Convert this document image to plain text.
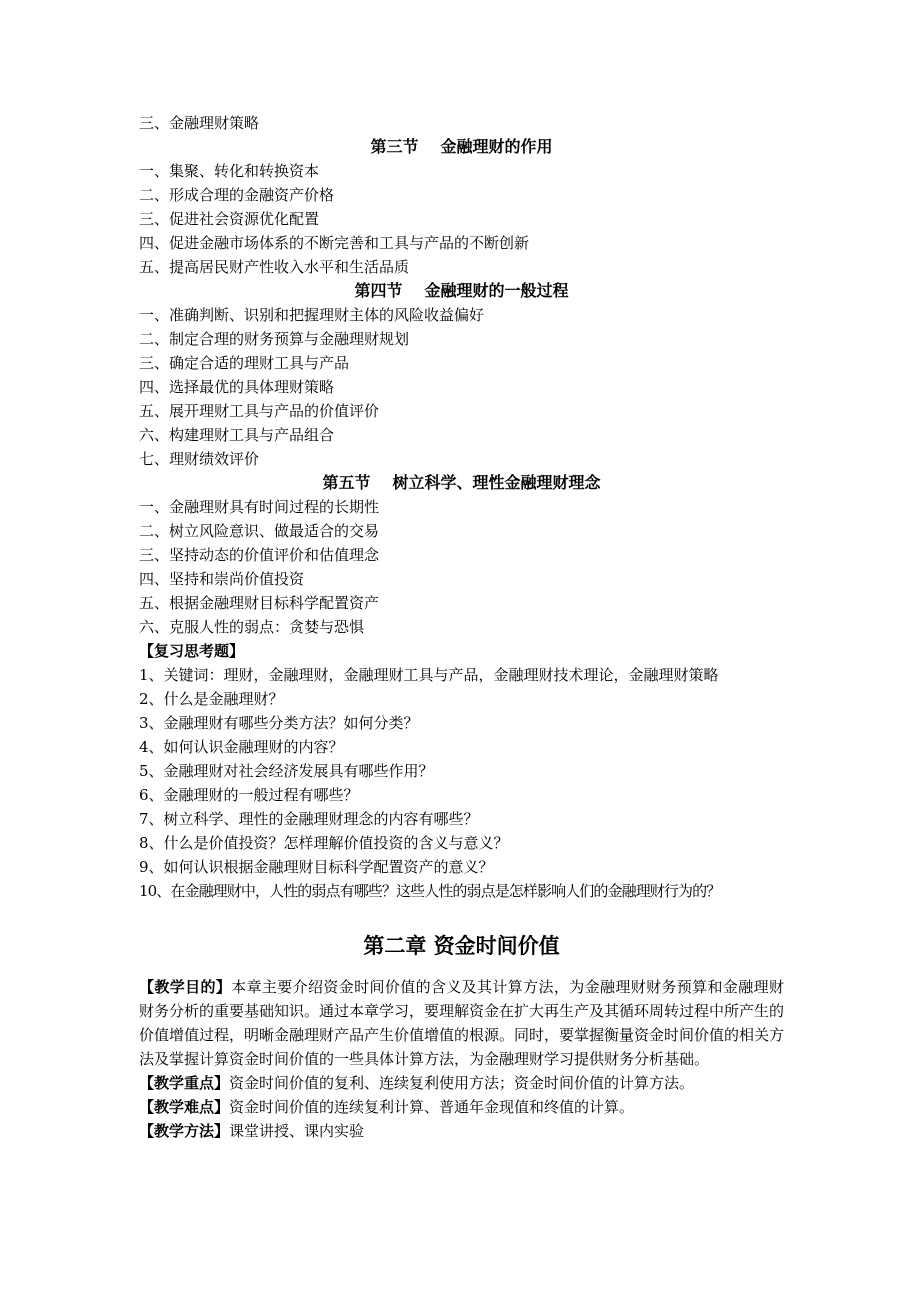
三、金融理财策略
第三节 金融理财的作用
一、集聚、转化和转换资本
二、形成合理的金融资产价格
三、促进社会资源优化配置
四、促进金融市场体系的不断完善和工具与产品的不断创新
五、提高居民财产性收入水平和生活品质
第四节 金融理财的一般过程
一、准确判断、识别和把握理财主体的风险收益偏好
二、制定合理的财务预算与金融理财规划
三、确定合适的理财工具与产品
四、选择最优的具体理财策略
五、展开理财工具与产品的价值评价
六、构建理财工具与产品组合
七、理财绩效评价
第五节 树立科学、理性金融理财理念
一、金融理财具有时间过程的长期性
二、树立风险意识、做最适合的交易
三、坚持动态的价值评价和估值理念
四、坚持和崇尚价值投资
五、根据金融理财目标科学配置资产
六、克服人性的弱点：贪婪与恐惧
【复习思考题】
1、关键词：理财，金融理财，金融理财工具与产品，金融理财技术理论，金融理财策略
2、什么是金融理财？
3、金融理财有哪些分类方法？如何分类？
4、如何认识金融理财的内容？
5、金融理财对社会经济发展具有哪些作用？
6、金融理财的一般过程有哪些？
7、树立科学、理性的金融理财理念的内容有哪些？
8、什么是价值投资？怎样理解价值投资的含义与意义？
9、如何认识根据金融理财目标科学配置资产的意义？
10、在金融理财中，人性的弱点有哪些？这些人性的弱点是怎样影响人们的金融理财行为的？
第二章 资金时间价值
【教学目的】本章主要介绍资金时间价值的含义及其计算方法，为金融理财财务预算和金融理财财务分析的重要基础知识。通过本章学习，要理解资金在扩大再生产及其循环周转过程中所产生的价值增值过程，明晰金融理财产品产生价值增值的根源。同时，要掌握衡量资金时间价值的相关方法及掌握计算资金时间价值的一些具体计算方法，为金融理财学习提供财务分析基础。
【教学重点】资金时间价值的复利、连续复利使用方法；资金时间价值的计算方法。
【教学难点】资金时间价值的连续复利计算、普通年金现值和终值的计算。
【教学方法】课堂讲授、课内实验
